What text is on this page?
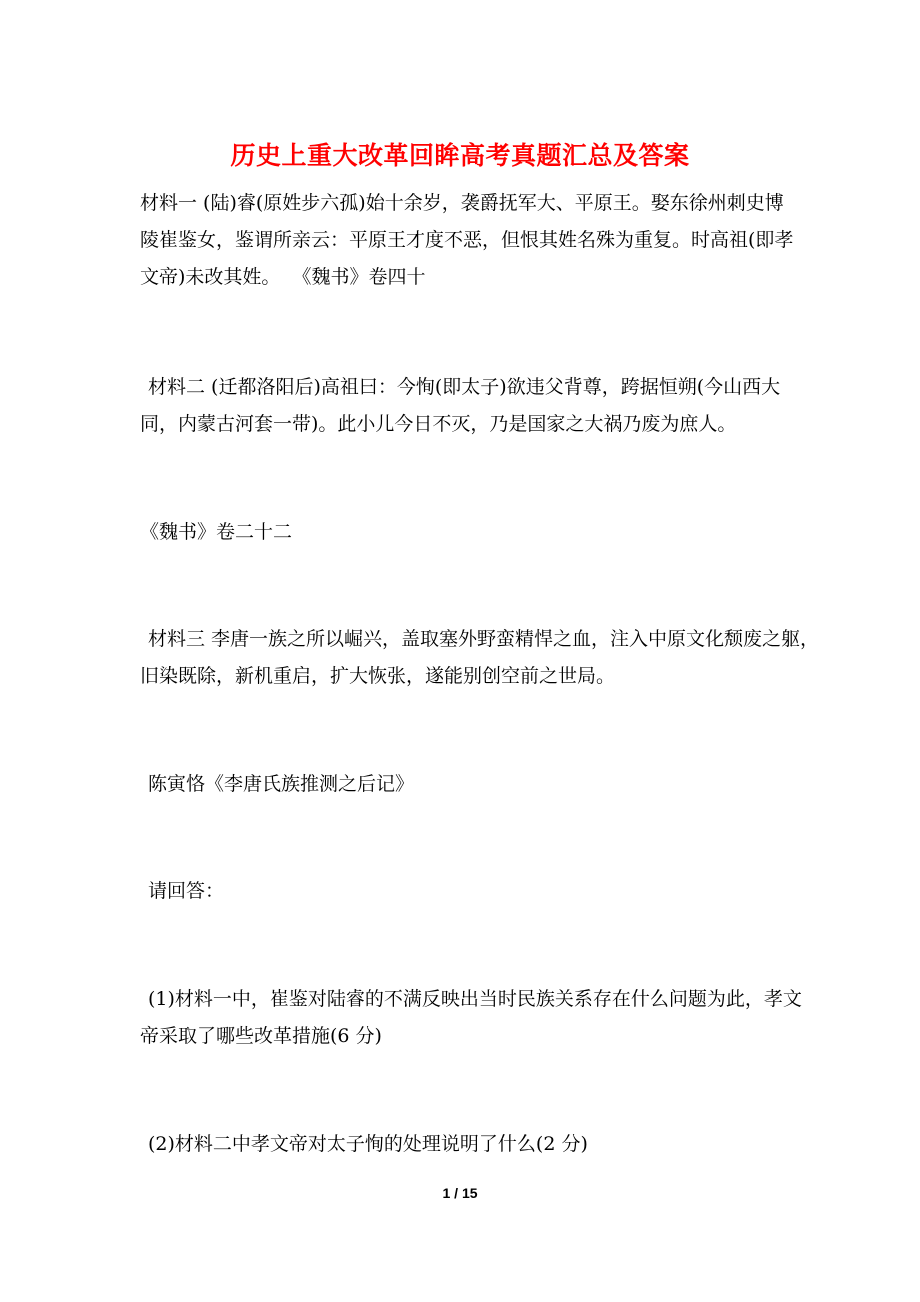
历史上重大改革回眸高考真题汇总及答案
材料一 (陆)睿(原姓步六孤)始十余岁，袭爵抚军大、平原王。娶东徐州刺史博
陵崔鉴女，鉴谓所亲云：平原王才度不恶，但恨其姓名殊为重复。时高祖(即孝
文帝)未改其姓。  《魏书》卷四十
材料二 (迁都洛阳后)高祖曰：今恂(即太子)欲违父背尊，跨据恒朔(今山西大
同，内蒙古河套一带)。此小儿今日不灭，乃是国家之大祸乃废为庶人。
《魏书》卷二十二
材料三 李唐一族之所以崛兴，盖取塞外野蛮精悍之血，注入中原文化颓废之躯，
旧染既除，新机重启，扩大恢张，遂能别创空前之世局。
陈寅恪《李唐氏族推测之后记》
请回答：
(1)材料一中，崔鉴对陆睿的不满反映出当时民族关系存在什么问题为此，孝文
帝采取了哪些改革措施(6 分)
(2)材料二中孝文帝对太子恂的处理说明了什么(2 分)
1 / 15
